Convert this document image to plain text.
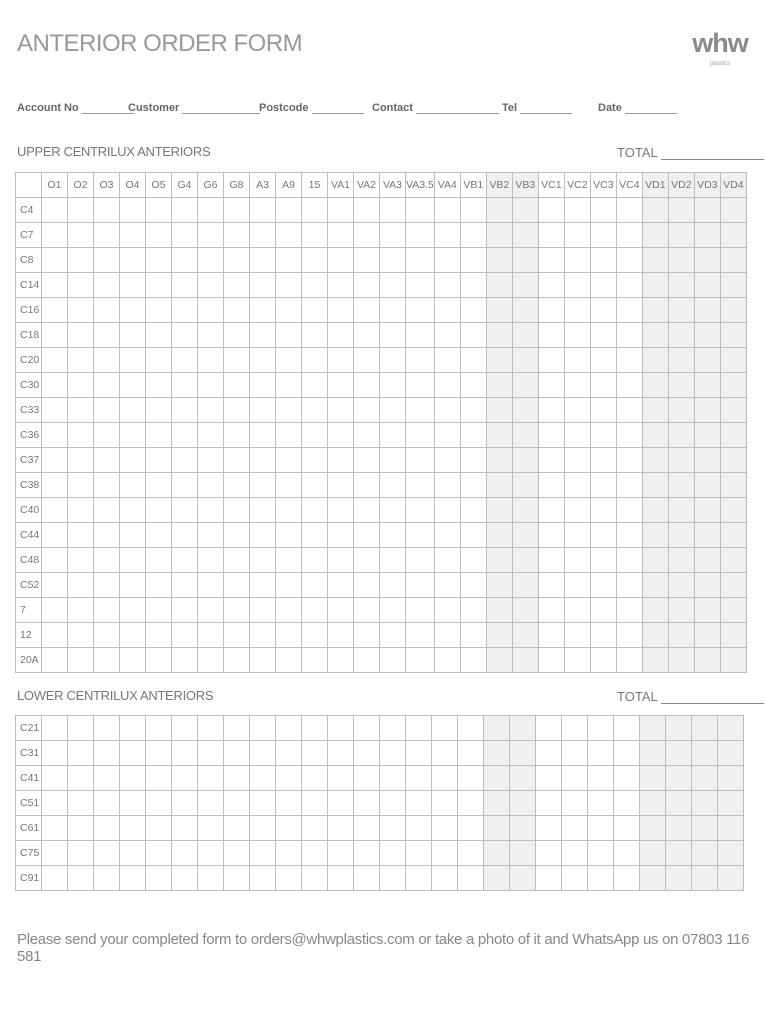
ANTERIOR ORDER FORM	whw
plastics
Account No	Customer	Postcode	Contact	Tel	Date
UPPER CENTRILUX ANTERIORS	TOTAL
	O1	O2	O3	O4	O5	G4	G6	G8	A3	A9	15	VA1	VA2	VA3	VA3.5	VA4	VB1	VB2	VB3	VC1	VC2	VC3	VC4	VD1	VD2	VD3	VD4
C4																											
C7																											
C8																											
C14																											
C16																											
C18																											
C20																											
C30																											
C33																											
C36																											
C37																											
C38																											
C40																											
C44																											
C48																											
C52																											
7																											
12																											
20A																											
LOWER CENTRILUX ANTERIORS	TOTAL
C21																											
C31																											
C41																											
C51																											
C61																											
C75																											
C91																											
Please send your completed form to orders@whwplastics.com or take a photo of it and WhatsApp us on 07803 116 581
